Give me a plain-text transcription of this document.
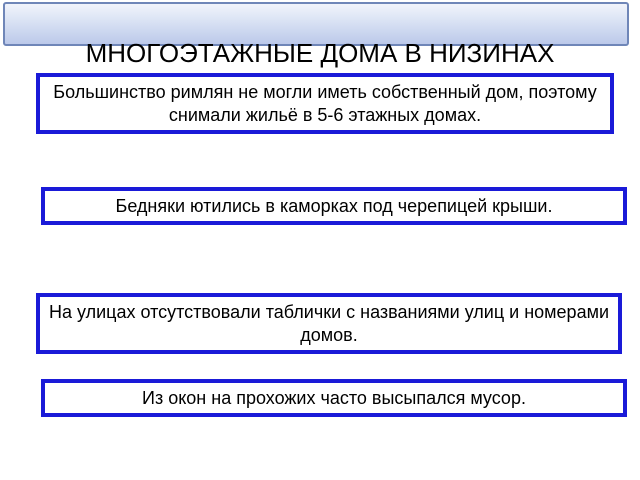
МНОГОЭТАЖНЫЕ ДОМА В НИЗИНАХ
Большинство римлян не могли иметь собственный дом, поэтому снимали жильё в 5-6 этажных домах.
Бедняки ютились в каморках под черепицей крыши.
На улицах отсутствовали таблички с названиями улиц и номерами домов.
Из окон на прохожих часто высыпался мусор.
